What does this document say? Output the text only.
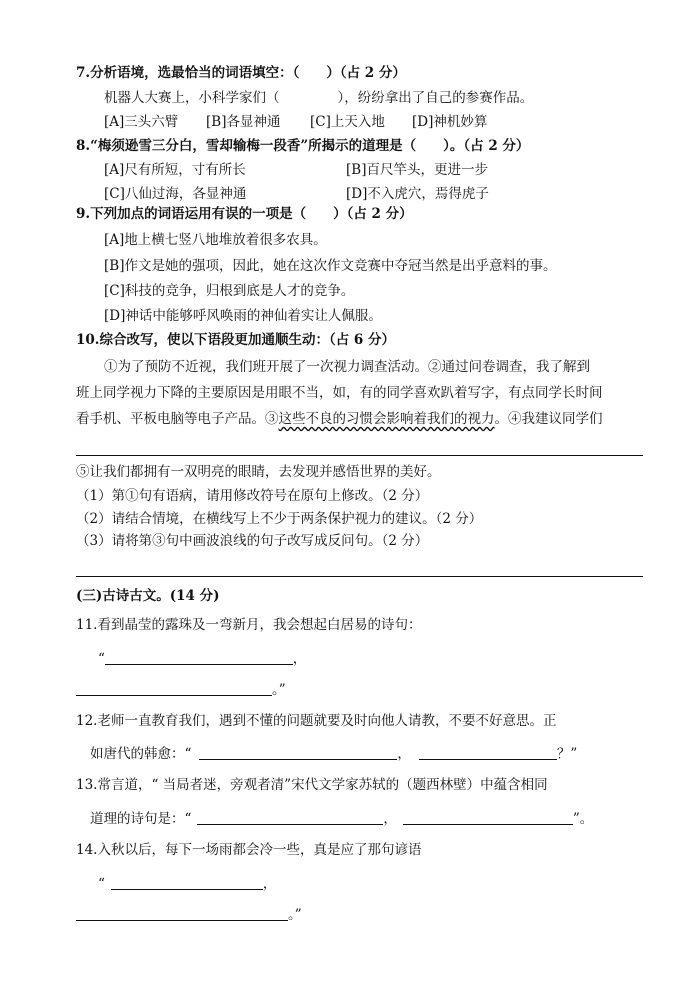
7.分析语境，选最恰当的词语填空：（　　）（占 2 分）
机器人大赛上，小科学家们（	），纷纷拿出了自己的参赛作品。
[A]三头六臂 [B]各显神通 [C]上天入地 [D]神机妙算
8.“梅须逊雪三分白，雪却输梅一段香”所揭示的道理是（　　）。（占 2 分）
[A]尺有所短，寸有所长	[B]百尺竿头，更进一步
[C]八仙过海，各显神通	[D]不入虎穴，焉得虎子
9.下列加点的词语运用有误的一项是（　　）（占 2 分）
[A]地上横七竖八地堆放着很多农具。
[B]作文是她的强项，因此，她在这次作文竞赛中夺冠当然是出乎意料的事。
[C]科技的竞争，归根到底是人才的竞争。
[D]神话中能够呼风唤雨的神仙着实让人佩服。
10.综合改写，使以下语段更加通顺生动：（占 6 分）
①为了预防不近视，我们班开展了一次视力调查活动。②通过问卷调查，我了解到
班上同学视力下降的主要原因是用眼不当，如，有的同学喜欢趴着写字，有点同学长时间
看手机、平板电脑等电子产品。③这些不良的习惯会影响着我们的视力。④我建议同学们
⑤让我们都拥有一双明亮的眼睛，去发现并感悟世界的美好。
（1）第①句有语病，请用修改符号在原句上修改。（2 分）
（2）请结合情境，在横线写上不少于两条保护视力的建议。（2 分）
（3）请将第③句中画波浪线的句子改写成反问句。（2 分）
(三)古诗古文。(14 分)
11.看到晶莹的露珠及一弯新月，我会想起白居易的诗句：
“	，
。”
12.老师一直教育我们，遇到不懂的问题就要及时向他人请教，不要不好意思。正
如唐代的韩愈：“	，	？”
13.常言道，“ 当局者迷，旁观者清”宋代文学家苏轼的（题西林壁）中蕴含相同
道理的诗句是：“	，	”。
14.入秋以后，每下一场雨都会冷一些，真是应了那句谚语
“	，
。”
